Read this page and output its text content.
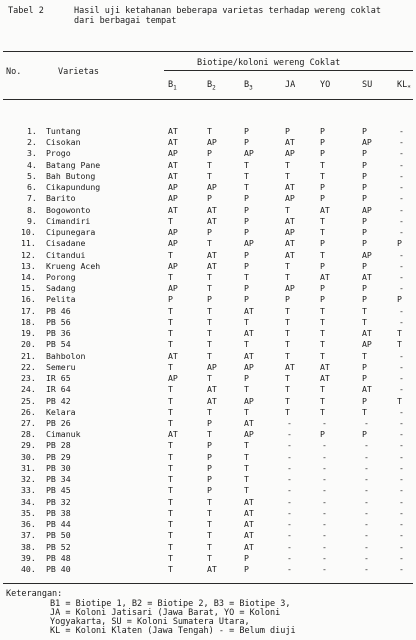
Tabel 2	Hasil uji ketahanan beberapa varietas terhadap wereng coklat
dari berbagai tempat
No.	Varietas
Biotipe/koloni wereng Coklat
$B_1$	$B_2$	$B_3$	JA	YO	SU	$KL_*$
1. Tuntang	AT	T	P	P	P	P	-
2. Cisokan	AT	AP	P	AT	P	AP	-
3. Progo	AP	P	AP	AP	P	P	-
4. Batang Pane	AT	T	T	T	T	P	-
5. Bah Butong	AT	T	T	T	T	P	-
6. Cikapundung	AP	AP	T	AT	P	P	-
7. Barito	AP	P	P	AP	P	P	-
8. Bogowonto	AT	AT	P	T	AT	AP	-
9. Cimandiri	T	AT	P	AT	T	P	-
10. Cipunegara	AP	P	P	AP	T	P	-
11. Cisadane	AP	T	AP	AT	P	P	P
12. Citandui	T	AT	P	AT	T	AP	-
13. Krueng Aceh	AP	AT	P	T	P	P	-
14. Porong	T	T	T	T	AT	AT	-
15. Sadang	AP	T	P	AP	P	P	-
16. Pelita	P	P	P	P	P	P	P
17. PB 46	T	T	AT	T	T	T	-
18. PB 56	T	T	T	T	T	T	-
19. PB 36	T	T	AT	T	T	AT	T
20. PB 54	T	T	T	T	T	AP	T
21. Bahbolon	AT	T	AT	T	T	T	-
22. Semeru	T	AP	AP	AT	AT	P	-
23. IR 65	AP	T	P	T	AT	P	-
24. IR 64	T	AT	T	T	T	AT	-
25. PB 42	T	AT	AP	T	T	P	T
26. Kelara	T	T	T	T	T	T	-
27. PB 26	T	P	AT	-	-	-	-
28. Cimanuk	AT	T	AP	-	P	P	-
29. PB 28	T	P	T	-	-	-	-
30. PB 29	T	P	T	-	-	-	-
31. PB 30	T	P	T	-	-	-	-
32. PB 34	T	P	T	-	-	-	-
33. PB 45	T	P	T	-	-	-	-
34. PB 32	T	T	AT	-	-	-	-
35. PB 38	T	T	AT	-	-	-	-
36. PB 44	T	T	AT	-	-	-	-
37. PB 50	T	T	AT	-	-	-	-
38. PB 52	T	T	AT	-	-	-	-
39. PB 48	T	T	P	-	-	-	-
40. PB 40	T	AT	P	-	-	-	-
Keterangan:
B1 = Biotipe 1, B2 = Biotipe 2, B3 = Biotipe 3,
JA = Koloni Jatisari (Jawa Barat, YO = Koloni
Yogyakarta, SU = Koloni Sumatera Utara,
KL = Koloni Klaten (Jawa Tengah) - = Belum diuji
